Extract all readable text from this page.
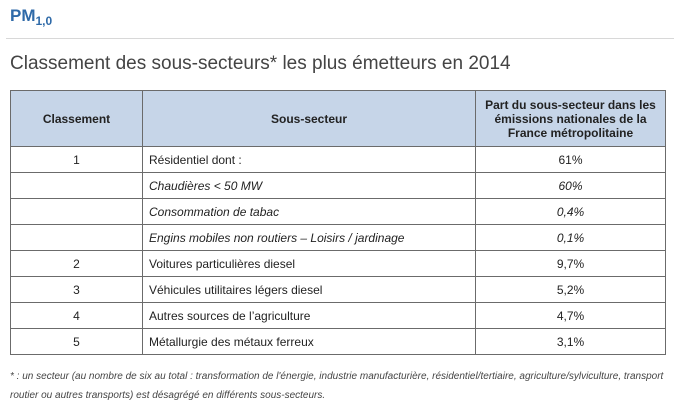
$PM_{1,0}$
Classement des sous-secteurs* les plus émetteurs en 2014
Classement	Sous-secteur	Part du sous-secteur dans les émissions nationales de la France métropolitaine
1	Résidentiel dont :	61%
	Chaudières < 50 MW	60%
	Consommation de tabac	0,4%
	Engins mobiles non routiers – Loisirs / jardinage	0,1%
2	Voitures particulières diesel	9,7%
3	Véhicules utilitaires légers diesel	5,2%
4	Autres sources de l’agriculture	4,7%
5	Métallurgie des métaux ferreux	3,1%
* : un secteur (au nombre de six au total : transformation de l'énergie, industrie manufacturière, résidentiel/tertiaire, agriculture/sylviculture, transport routier ou autres transports) est désagrégé en différents sous-secteurs.
